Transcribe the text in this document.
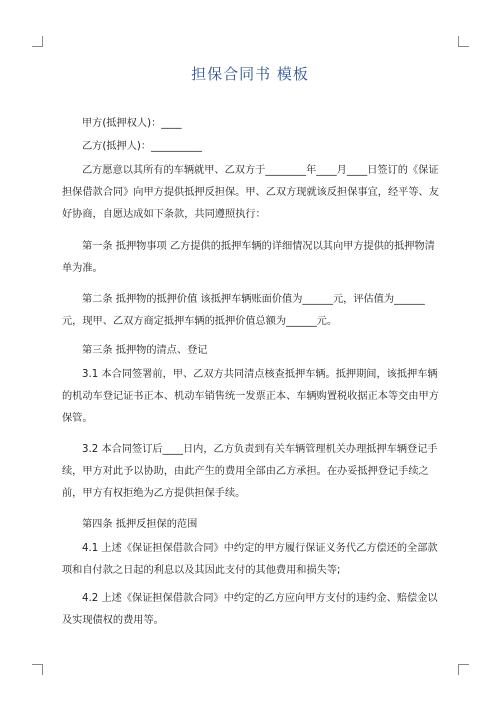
担保合同书 模板

甲方(抵押权人)：____

乙方(抵押人)：__________

乙方愿意以其所有的车辆就甲、乙双方于________年____月____日签订的《保证担保借款合同》向甲方提供抵押反担保。甲、乙双方现就该反担保事宜，经平等、友好协商，自愿达成如下条款，共同遵照执行：

第一条 抵押物事项 乙方提供的抵押车辆的详细情况以其向甲方提供的抵押物清单为准。

第二条 抵押物的抵押价值 该抵押车辆账面价值为______元，评估值为______元，现甲、乙双方商定抵押车辆的抵押价值总额为______元。

第三条 抵押物的清点、登记

3.1 本合同签署前，甲、乙双方共同清点核查抵押车辆。抵押期间，该抵押车辆的机动车登记证书正本、机动车销售统一发票正本、车辆购置税收据正本等交由甲方保管。

3.2 本合同签订后____日内，乙方负责到有关车辆管理机关办理抵押车辆登记手续，甲方对此予以协助，由此产生的费用全部由乙方承担。在办妥抵押登记手续之前，甲方有权拒绝为乙方提供担保手续。

第四条 抵押反担保的范围

4.1 上述《保证担保借款合同》中约定的甲方履行保证义务代乙方偿还的全部款项和自付款之日起的利息以及其因此支付的其他费用和损失等;

4.2 上述《保证担保借款合同》中约定的乙方应向甲方支付的违约金、赔偿金以及实现债权的费用等。
